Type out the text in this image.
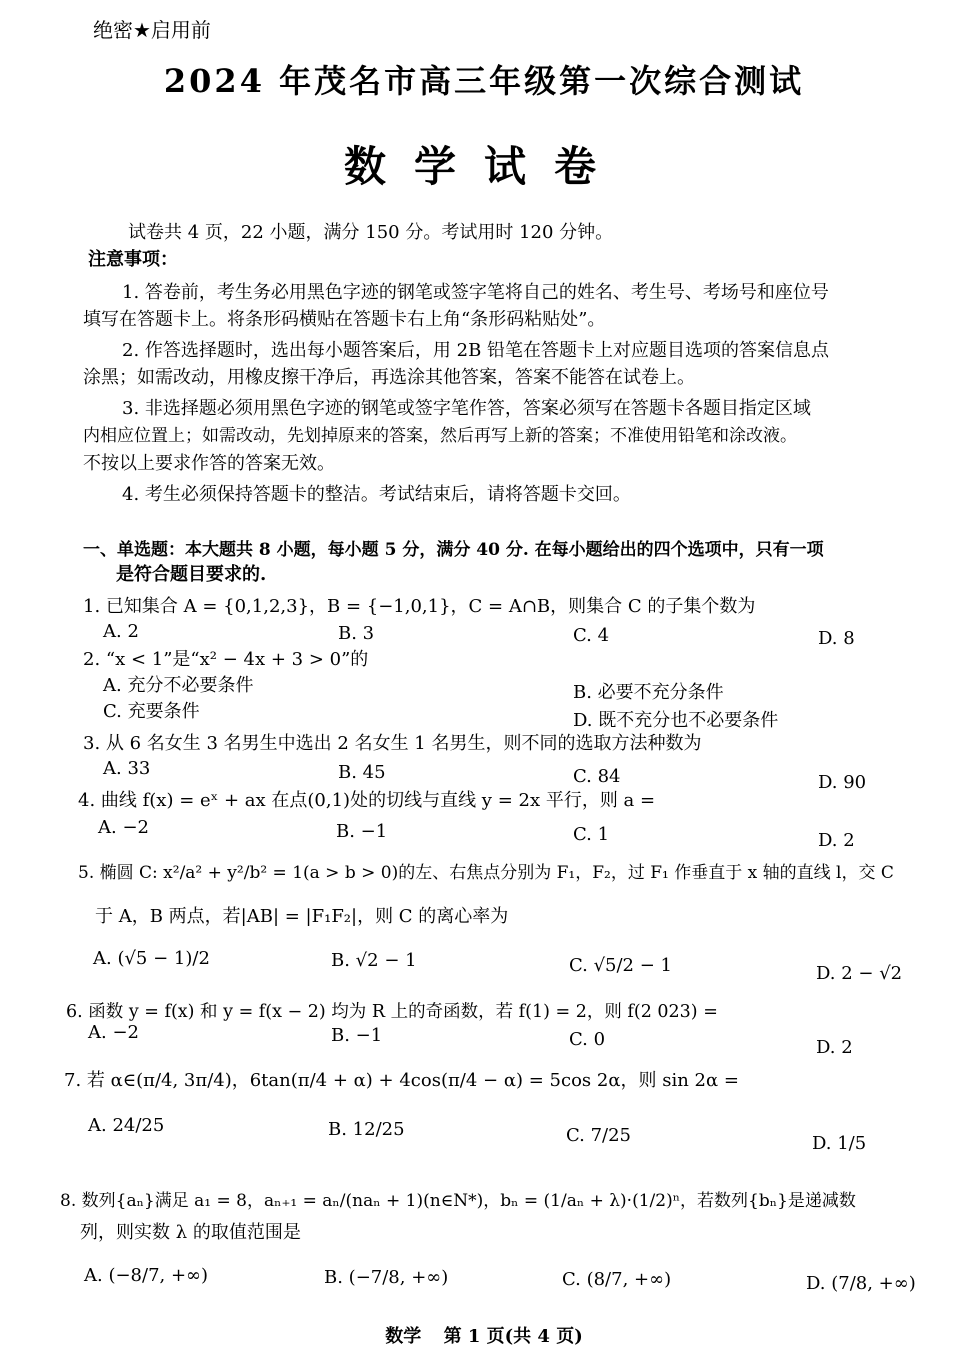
绝密★启用前
2024 年茂名市高三年级第一次综合测试
数学试卷
试卷共 4 页，22 小题，满分 150 分。考试用时 120 分钟。
注意事项：
1. 答卷前，考生务必用黑色字迹的钢笔或签字笔将自己的姓名、考生号、考场号和座位号
填写在答题卡上。将条形码横贴在答题卡右上角“条形码粘贴处”。
2. 作答选择题时，选出每小题答案后，用 2B 铅笔在答题卡上对应题目选项的答案信息点
涂黑；如需改动，用橡皮擦干净后，再选涂其他答案，答案不能答在试卷上。
3. 非选择题必须用黑色字迹的钢笔或签字笔作答，答案必须写在答题卡各题目指定区域
内相应位置上；如需改动，先划掉原来的答案，然后再写上新的答案；不准使用铅笔和涂改液。
不按以上要求作答的答案无效。
4. 考生必须保持答题卡的整洁。考试结束后，请将答题卡交回。
一、单选题：本大题共 8 小题，每小题 5 分，满分 40 分. 在每小题给出的四个选项中，只有一项
是符合题目要求的.
1. 已知集合 A = {0,1,2,3}，B = {−1,0,1}，C = A∩B，则集合 C 的子集个数为
A. 2	B. 3	C. 4	D. 8
2. “x < 1”是“x² − 4x + 3 > 0”的
A. 充分不必要条件	B. 必要不充分条件
C. 充要条件	D. 既不充分也不必要条件
3. 从 6 名女生 3 名男生中选出 2 名女生 1 名男生，则不同的选取方法种数为
A. 33	B. 45	C. 84	D. 90
4. 曲线 f(x) = eˣ + ax 在点(0,1)处的切线与直线 y = 2x 平行，则 a =
A. −2	B. −1	C. 1	D. 2
5. 椭圆 C: x²/a² + y²/b² = 1(a > b > 0)的左、右焦点分别为 F₁，F₂，过 F₁ 作垂直于 x 轴的直线 l，交 C
于 A，B 两点，若|AB| = |F₁F₂|，则 C 的离心率为
A. (√5 − 1)/2	B. √2 − 1	C. √5/2 − 1	D. 2 − √2
6. 函数 y = f(x) 和 y = f(x − 2) 均为 R 上的奇函数，若 f(1) = 2，则 f(2 023) =
A. −2	B. −1	C. 0	D. 2
7. 若 α∈(π/4, 3π/4)，6tan(π/4 + α) + 4cos(π/4 − α) = 5cos 2α，则 sin 2α =
A. 24/25	B. 12/25	C. 7/25	D. 1/5
8. 数列{aₙ}满足 a₁ = 8，aₙ₊₁ = aₙ/(naₙ + 1)(n∈N*)，bₙ = (1/aₙ + λ)·(1/2)ⁿ，若数列{bₙ}是递减数
列，则实数 λ 的取值范围是
A. (−8/7, +∞)	B. (−7/8, +∞)	C. (8/7, +∞)	D. (7/8, +∞)
数学 第 1 页(共 4 页)
